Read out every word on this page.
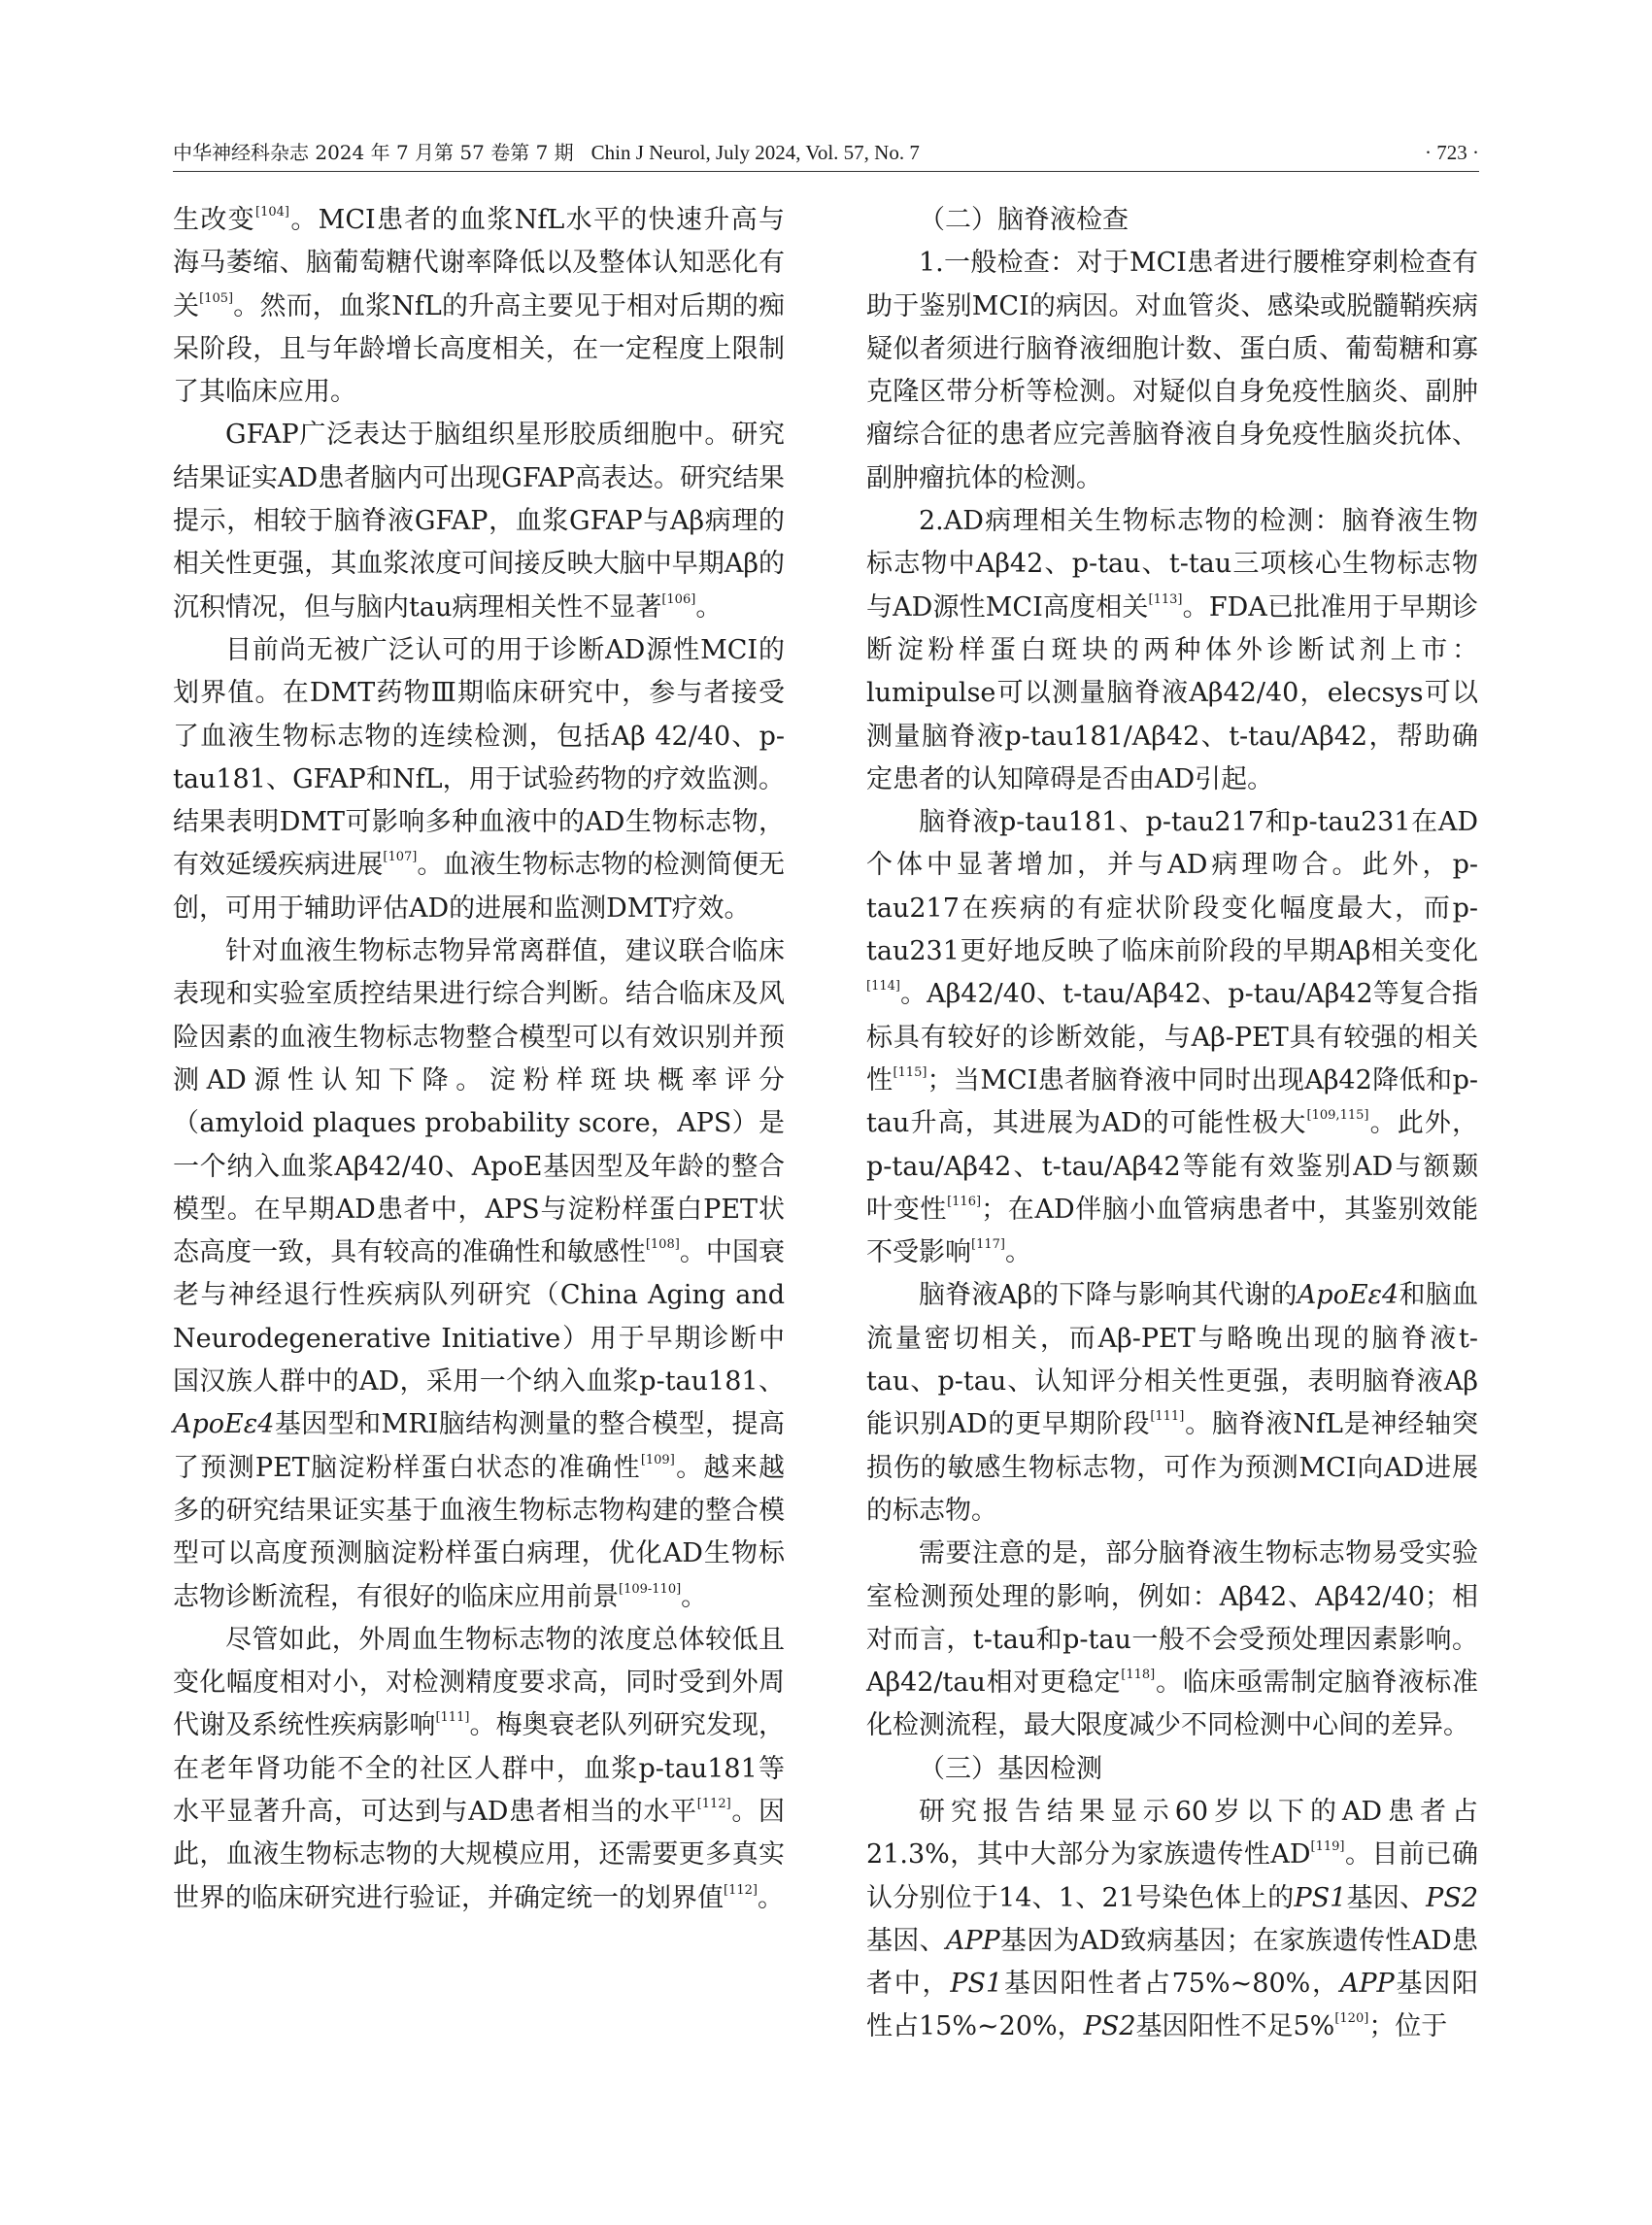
中华神经科杂志 2024 年 7 月第 57 卷第 7 期 Chin J Neurol, July 2024, Vol. 57, No. 7	· 723 ·

生改变[104]。MCI患者的血浆NfL水平的快速升高与海马萎缩、脑葡萄糖代谢率降低以及整体认知恶化有关[105]。然而，血浆NfL的升高主要见于相对后期的痴呆阶段，且与年龄增长高度相关，在一定程度上限制了其临床应用。

GFAP广泛表达于脑组织星形胶质细胞中。研究结果证实AD患者脑内可出现GFAP高表达。研究结果提示，相较于脑脊液GFAP，血浆GFAP与Aβ病理的相关性更强，其血浆浓度可间接反映大脑中早期Aβ的沉积情况，但与脑内tau病理相关性不显著[106]。

目前尚无被广泛认可的用于诊断AD源性MCI的划界值。在DMT药物Ⅲ期临床研究中，参与者接受了血液生物标志物的连续检测，包括Aβ 42/40、p-tau181、GFAP和NfL，用于试验药物的疗效监测。结果表明DMT可影响多种血液中的AD生物标志物，有效延缓疾病进展[107]。血液生物标志物的检测简便无创，可用于辅助评估AD的进展和监测DMT疗效。

针对血液生物标志物异常离群值，建议联合临床表现和实验室质控结果进行综合判断。结合临床及风险因素的血液生物标志物整合模型可以有效识别并预测AD源性认知下降。淀粉样斑块概率评分（amyloid plaques probability score，APS）是一个纳入血浆Aβ42/40、ApoE基因型及年龄的整合模型。在早期AD患者中，APS与淀粉样蛋白PET状态高度一致，具有较高的准确性和敏感性[108]。中国衰老与神经退行性疾病队列研究（China Aging and Neurodegenerative Initiative）用于早期诊断中国汉族人群中的AD，采用一个纳入血浆p-tau181、ApoEε4基因型和MRI脑结构测量的整合模型，提高了预测PET脑淀粉样蛋白状态的准确性[109]。越来越多的研究结果证实基于血液生物标志物构建的整合模型可以高度预测脑淀粉样蛋白病理，优化AD生物标志物诊断流程，有很好的临床应用前景[109-110]。

尽管如此，外周血生物标志物的浓度总体较低且变化幅度相对小，对检测精度要求高，同时受到外周代谢及系统性疾病影响[111]。梅奥衰老队列研究发现，在老年肾功能不全的社区人群中，血浆p-tau181等水平显著升高，可达到与AD患者相当的水平[112]。因此，血液生物标志物的大规模应用，还需要更多真实世界的临床研究进行验证，并确定统一的划界值[112]。

（二）脑脊液检查

1.一般检查：对于MCI患者进行腰椎穿刺检查有助于鉴别MCI的病因。对血管炎、感染或脱髓鞘疾病疑似者须进行脑脊液细胞计数、蛋白质、葡萄糖和寡克隆区带分析等检测。对疑似自身免疫性脑炎、副肿瘤综合征的患者应完善脑脊液自身免疫性脑炎抗体、副肿瘤抗体的检测。

2.AD病理相关生物标志物的检测：脑脊液生物标志物中Aβ42、p-tau、t-tau三项核心生物标志物与AD源性MCI高度相关[113]。FDA已批准用于早期诊断淀粉样蛋白斑块的两种体外诊断试剂上市：lumipulse可以测量脑脊液Aβ42/40，elecsys可以测量脑脊液p-tau181/Aβ42、t-tau/Aβ42，帮助确定患者的认知障碍是否由AD引起。

脑脊液p-tau181、p-tau217和p-tau231在AD个体中显著增加，并与AD病理吻合。此外，p-tau217在疾病的有症状阶段变化幅度最大，而p-tau231更好地反映了临床前阶段的早期Aβ相关变化[114]。Aβ42/40、t-tau/Aβ42、p-tau/Aβ42等复合指标具有较好的诊断效能，与Aβ-PET具有较强的相关性[115]；当MCI患者脑脊液中同时出现Aβ42降低和p-tau升高，其进展为AD的可能性极大[109,115]。此外，p-tau/Aβ42、t-tau/Aβ42等能有效鉴别AD与额颞叶变性[116]；在AD伴脑小血管病患者中，其鉴别效能不受影响[117]。

脑脊液Aβ的下降与影响其代谢的ApoEε4和脑血流量密切相关，而Aβ-PET与略晚出现的脑脊液t-tau、p-tau、认知评分相关性更强，表明脑脊液Aβ能识别AD的更早期阶段[111]。脑脊液NfL是神经轴突损伤的敏感生物标志物，可作为预测MCI向AD进展的标志物。

需要注意的是，部分脑脊液生物标志物易受实验室检测预处理的影响，例如：Aβ42、Aβ42/40；相对而言，t-tau和p-tau一般不会受预处理因素影响。Aβ42/tau相对更稳定[118]。临床亟需制定脑脊液标准化检测流程，最大限度减少不同检测中心间的差异。

（三）基因检测

研究报告结果显示60岁以下的AD患者占21.3%，其中大部分为家族遗传性AD[119]。目前已确认分别位于14、1、21号染色体上的PS1基因、PS2基因、APP基因为AD致病基因；在家族遗传性AD患者中，PS1基因阳性者占75%~80%，APP基因阳性占15%~20%，PS2基因阳性不足5%[120]；位于
